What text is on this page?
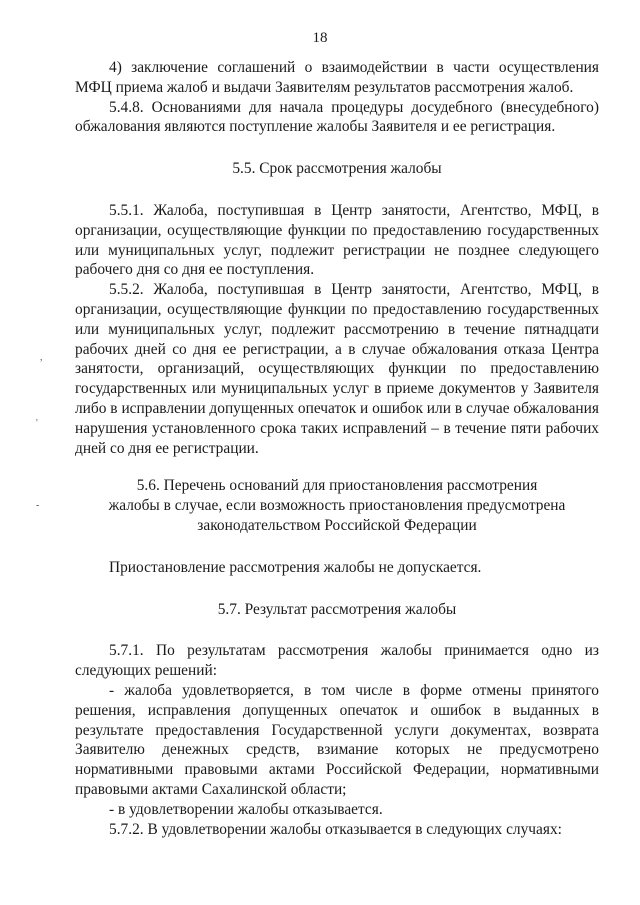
18
,
'
-

4) заключение соглашений о взаимодействии в части осуществления МФЦ приема жалоб и выдачи Заявителям результатов рассмотрения жалоб.

5.4.8. Основаниями для начала процедуры досудебного (внесудебного) обжалования являются поступление жалобы Заявителя и ее регистрация.

5.5. Срок рассмотрения жалобы

5.5.1. Жалоба, поступившая в Центр занятости, Агентство, МФЦ, в организации, осуществляющие функции по предоставлению государственных или муниципальных услуг, подлежит регистрации не позднее следующего рабочего дня со дня ее поступления.

5.5.2. Жалоба, поступившая в Центр занятости, Агентство, МФЦ, в организации, осуществляющие функции по предоставлению государственных или муниципальных услуг, подлежит рассмотрению в течение пятнадцати рабочих дней со дня ее регистрации, а в случае обжалования отказа Центра занятости, организаций, осуществляющих функции по предоставлению государственных или муниципальных услуг в приеме документов у Заявителя либо в исправлении допущенных опечаток и ошибок или в случае обжалования нарушения установленного срока таких исправлений – в течение пяти рабочих дней со дня ее регистрации.

5.6. Перечень оснований для приостановления рассмотрения

жалобы в случае, если возможность приостановления предусмотрена

законодательством Российской Федерации

Приостановление рассмотрения жалобы не допускается.

5.7. Результат рассмотрения жалобы

5.7.1. По результатам рассмотрения жалобы принимается одно из следующих решений:

- жалоба удовлетворяется, в том числе в форме отмены принятого решения, исправления допущенных опечаток и ошибок в выданных в результате предоставления Государственной услуги документах, возврата Заявителю денежных средств, взимание которых не предусмотрено нормативными правовыми актами Российской Федерации, нормативными правовыми актами Сахалинской области;

- в удовлетворении жалобы отказывается.

5.7.2. В удовлетворении жалобы отказывается в следующих случаях:
